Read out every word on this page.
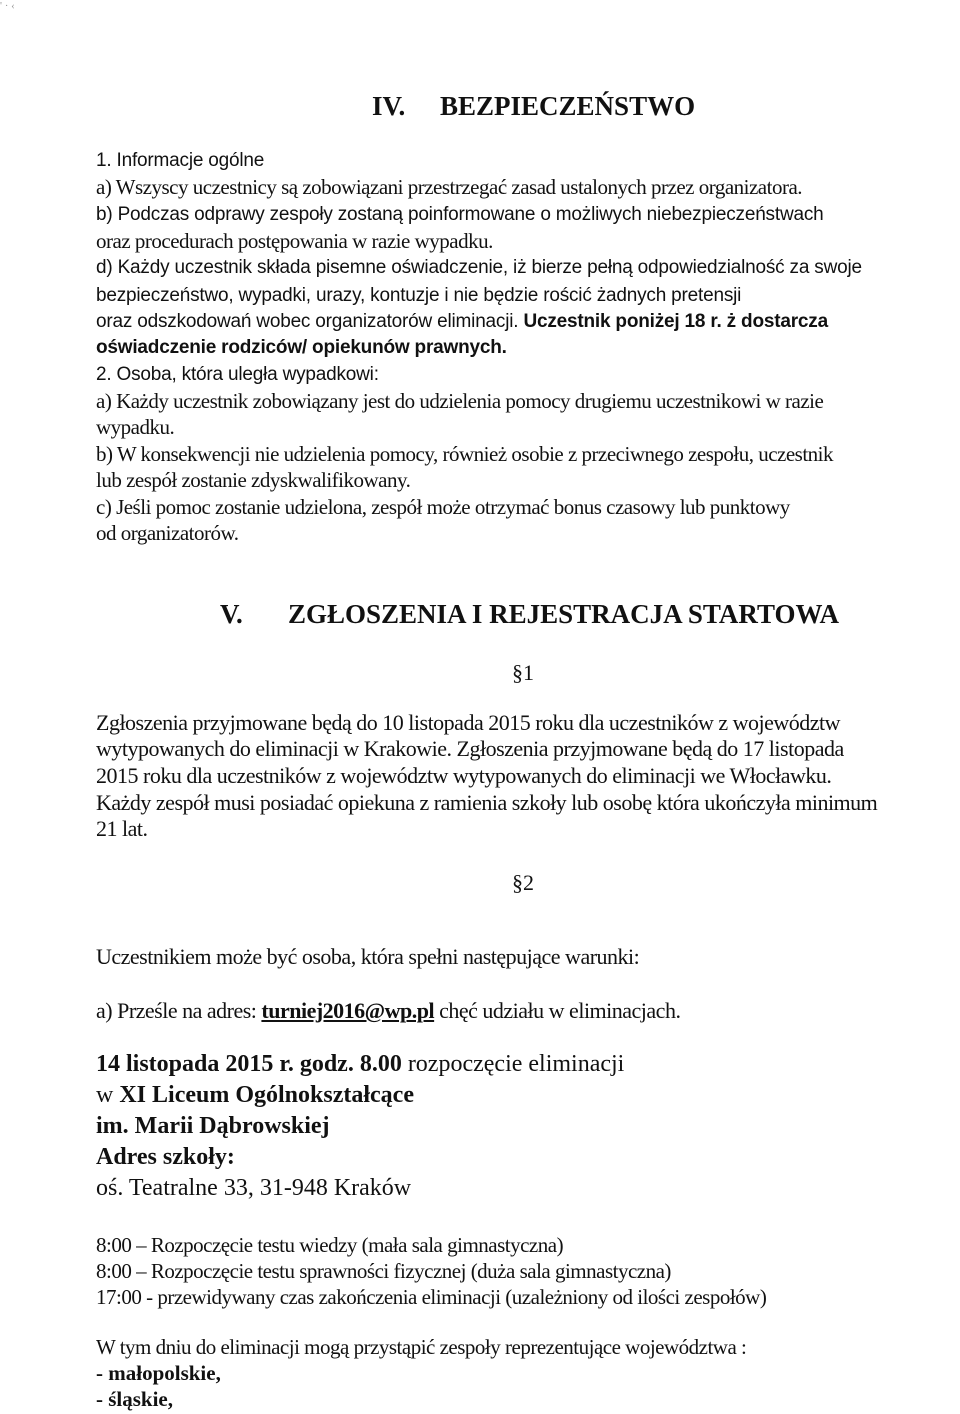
' · ‹
IV. BEZPIECZEŃSTWO
1. Informacje ogólne
a) Wszyscy uczestnicy są zobowiązani przestrzegać zasad ustalonych przez organizatora.
b) Podczas odprawy zespoły zostaną poinformowane o możliwych niebezpieczeństwach
oraz procedurach postępowania w razie wypadku.
d) Każdy uczestnik składa pisemne oświadczenie, iż bierze pełną odpowiedzialność za swoje
bezpieczeństwo, wypadki, urazy, kontuzje i nie będzie rościć żadnych pretensji
oraz odszkodowań wobec organizatorów eliminacji. Uczestnik poniżej 18 r. ż dostarcza
oświadczenie rodziców/ opiekunów prawnych.
2. Osoba, która uległa wypadkowi:
a) Każdy uczestnik zobowiązany jest do udzielenia pomocy drugiemu uczestnikowi w razie
wypadku.
b) W konsekwencji nie udzielenia pomocy, również osobie z przeciwnego zespołu, uczestnik
lub zespół zostanie zdyskwalifikowany.
c) Jeśli pomoc zostanie udzielona, zespół może otrzymać bonus czasowy lub punktowy
od organizatorów.
V. ZGŁOSZENIA I REJESTRACJA STARTOWA
§1
Zgłoszenia przyjmowane będą do 10 listopada 2015 roku dla uczestników z województw
wytypowanych do eliminacji w Krakowie. Zgłoszenia przyjmowane będą do 17 listopada
2015 roku dla uczestników z województw wytypowanych do eliminacji we Włocławku.
Każdy zespół musi posiadać opiekuna z ramienia szkoły lub osobę która ukończyła minimum
21 lat.
§2
Uczestnikiem może być osoba, która spełni następujące warunki:
a) Prześle na adres: turniej2016@wp.pl chęć udziału w eliminacjach.
14 listopada 2015 r. godz. 8.00 rozpoczęcie eliminacji
w XI Liceum Ogólnokształcące
im. Marii Dąbrowskiej
Adres szkoły:
oś. Teatralne 33, 31-948 Kraków
8:00 – Rozpoczęcie testu wiedzy (mała sala gimnastyczna)
8:00 – Rozpoczęcie testu sprawności fizycznej (duża sala gimnastyczna)
17:00 - przewidywany czas zakończenia eliminacji (uzależniony od ilości zespołów)
W tym dniu do eliminacji mogą przystąpić zespoły reprezentujące województwa :
- małopolskie,
- śląskie,
